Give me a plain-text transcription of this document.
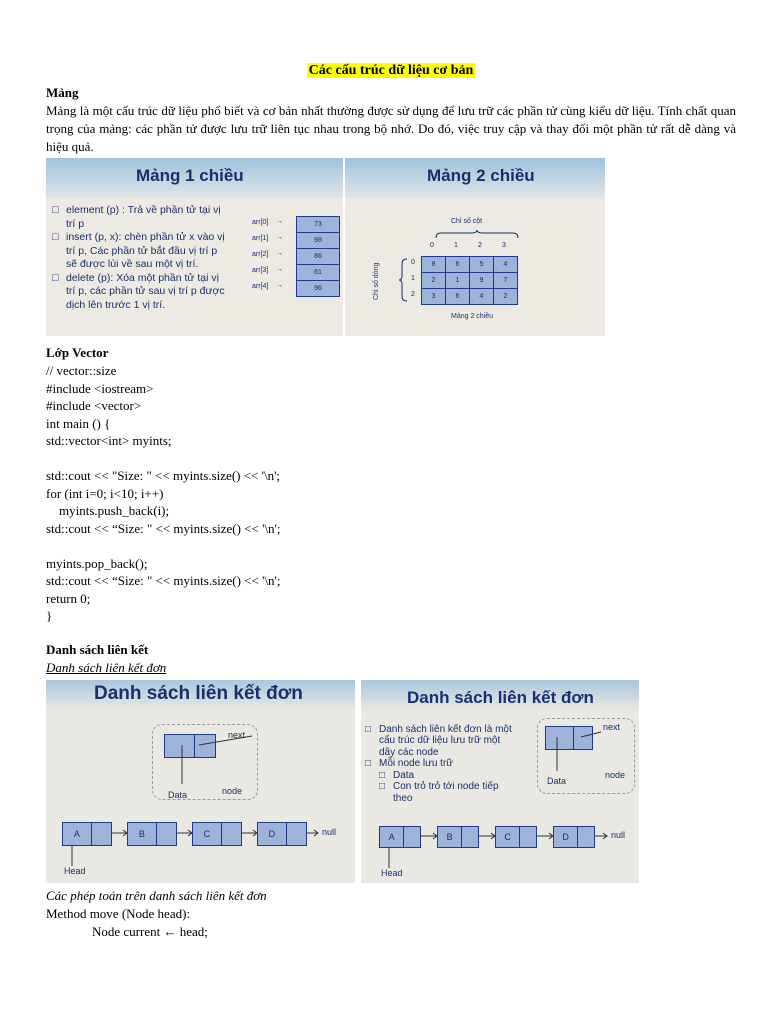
Các cấu trúc dữ liệu cơ bản
Mảng
Mảng là một cấu trúc dữ liệu phổ biết và cơ bản nhất thường được sử dụng để lưu trữ các phần tử cùng kiểu dữ liệu. Tính chất quan trọng của mảng: các phần tử được lưu trữ liên tục nhau trong bộ nhớ. Do đó, việc truy cập và thay đổi một phần tử rất dễ dàng và hiệu quả.
Mảng 1 chiều
□ element (p) : Trả về phần tử tại vị trí p
□ insert (p, x): chèn phần tử x vào vị trí p, Các phần tử bắt đầu vị trí p sẽ được lùi về sau một vị trí.
□ delete (p): Xóa một phần tử tại vị trí p, các phần tử sau vị trí p được dịch lên trước 1 vị trí.
arr[0] →	73
arr[1] →	98
arr[2] →	86
arr[3] →	61
arr[4] →	96
Mảng 2 chiều
Chỉ số cột
Chỉ số dòng
0	1	2	3
0
1
2
8	6	5	4
2	1	9	7
3	6	4	2
Mảng 2 chiều
Lớp Vector
// vector::size
#include <iostream>
#include <vector>
int main () {
std::vector<int> myints;
std::cout << "Size: " << myints.size() << '\n';
for (int i=0; i<10; i++)
myints.push_back(i);
std::cout << “Size: " << myints.size() << '\n';
myints.pop_back();
std::cout << “Size: " << myints.size() << '\n';
return 0;
}
Danh sách liên kết
Danh sách liên kết đơn
Danh sách liên kết đơn
next
Data	node
A	B	C	D	null
Head
Danh sách liên kết đơn
□ Danh sách liên kết đơn là một cấu trúc dữ liệu lưu trữ một dãy các node
□ Mỗi node lưu trữ
□ Data
□ Con trỏ trỏ tới node tiếp theo
next
Data
node
A	B	C	D	null
Head
Các phép toán trên danh sách liên kết đơn
Method move (Node head):
Node current ← head;
